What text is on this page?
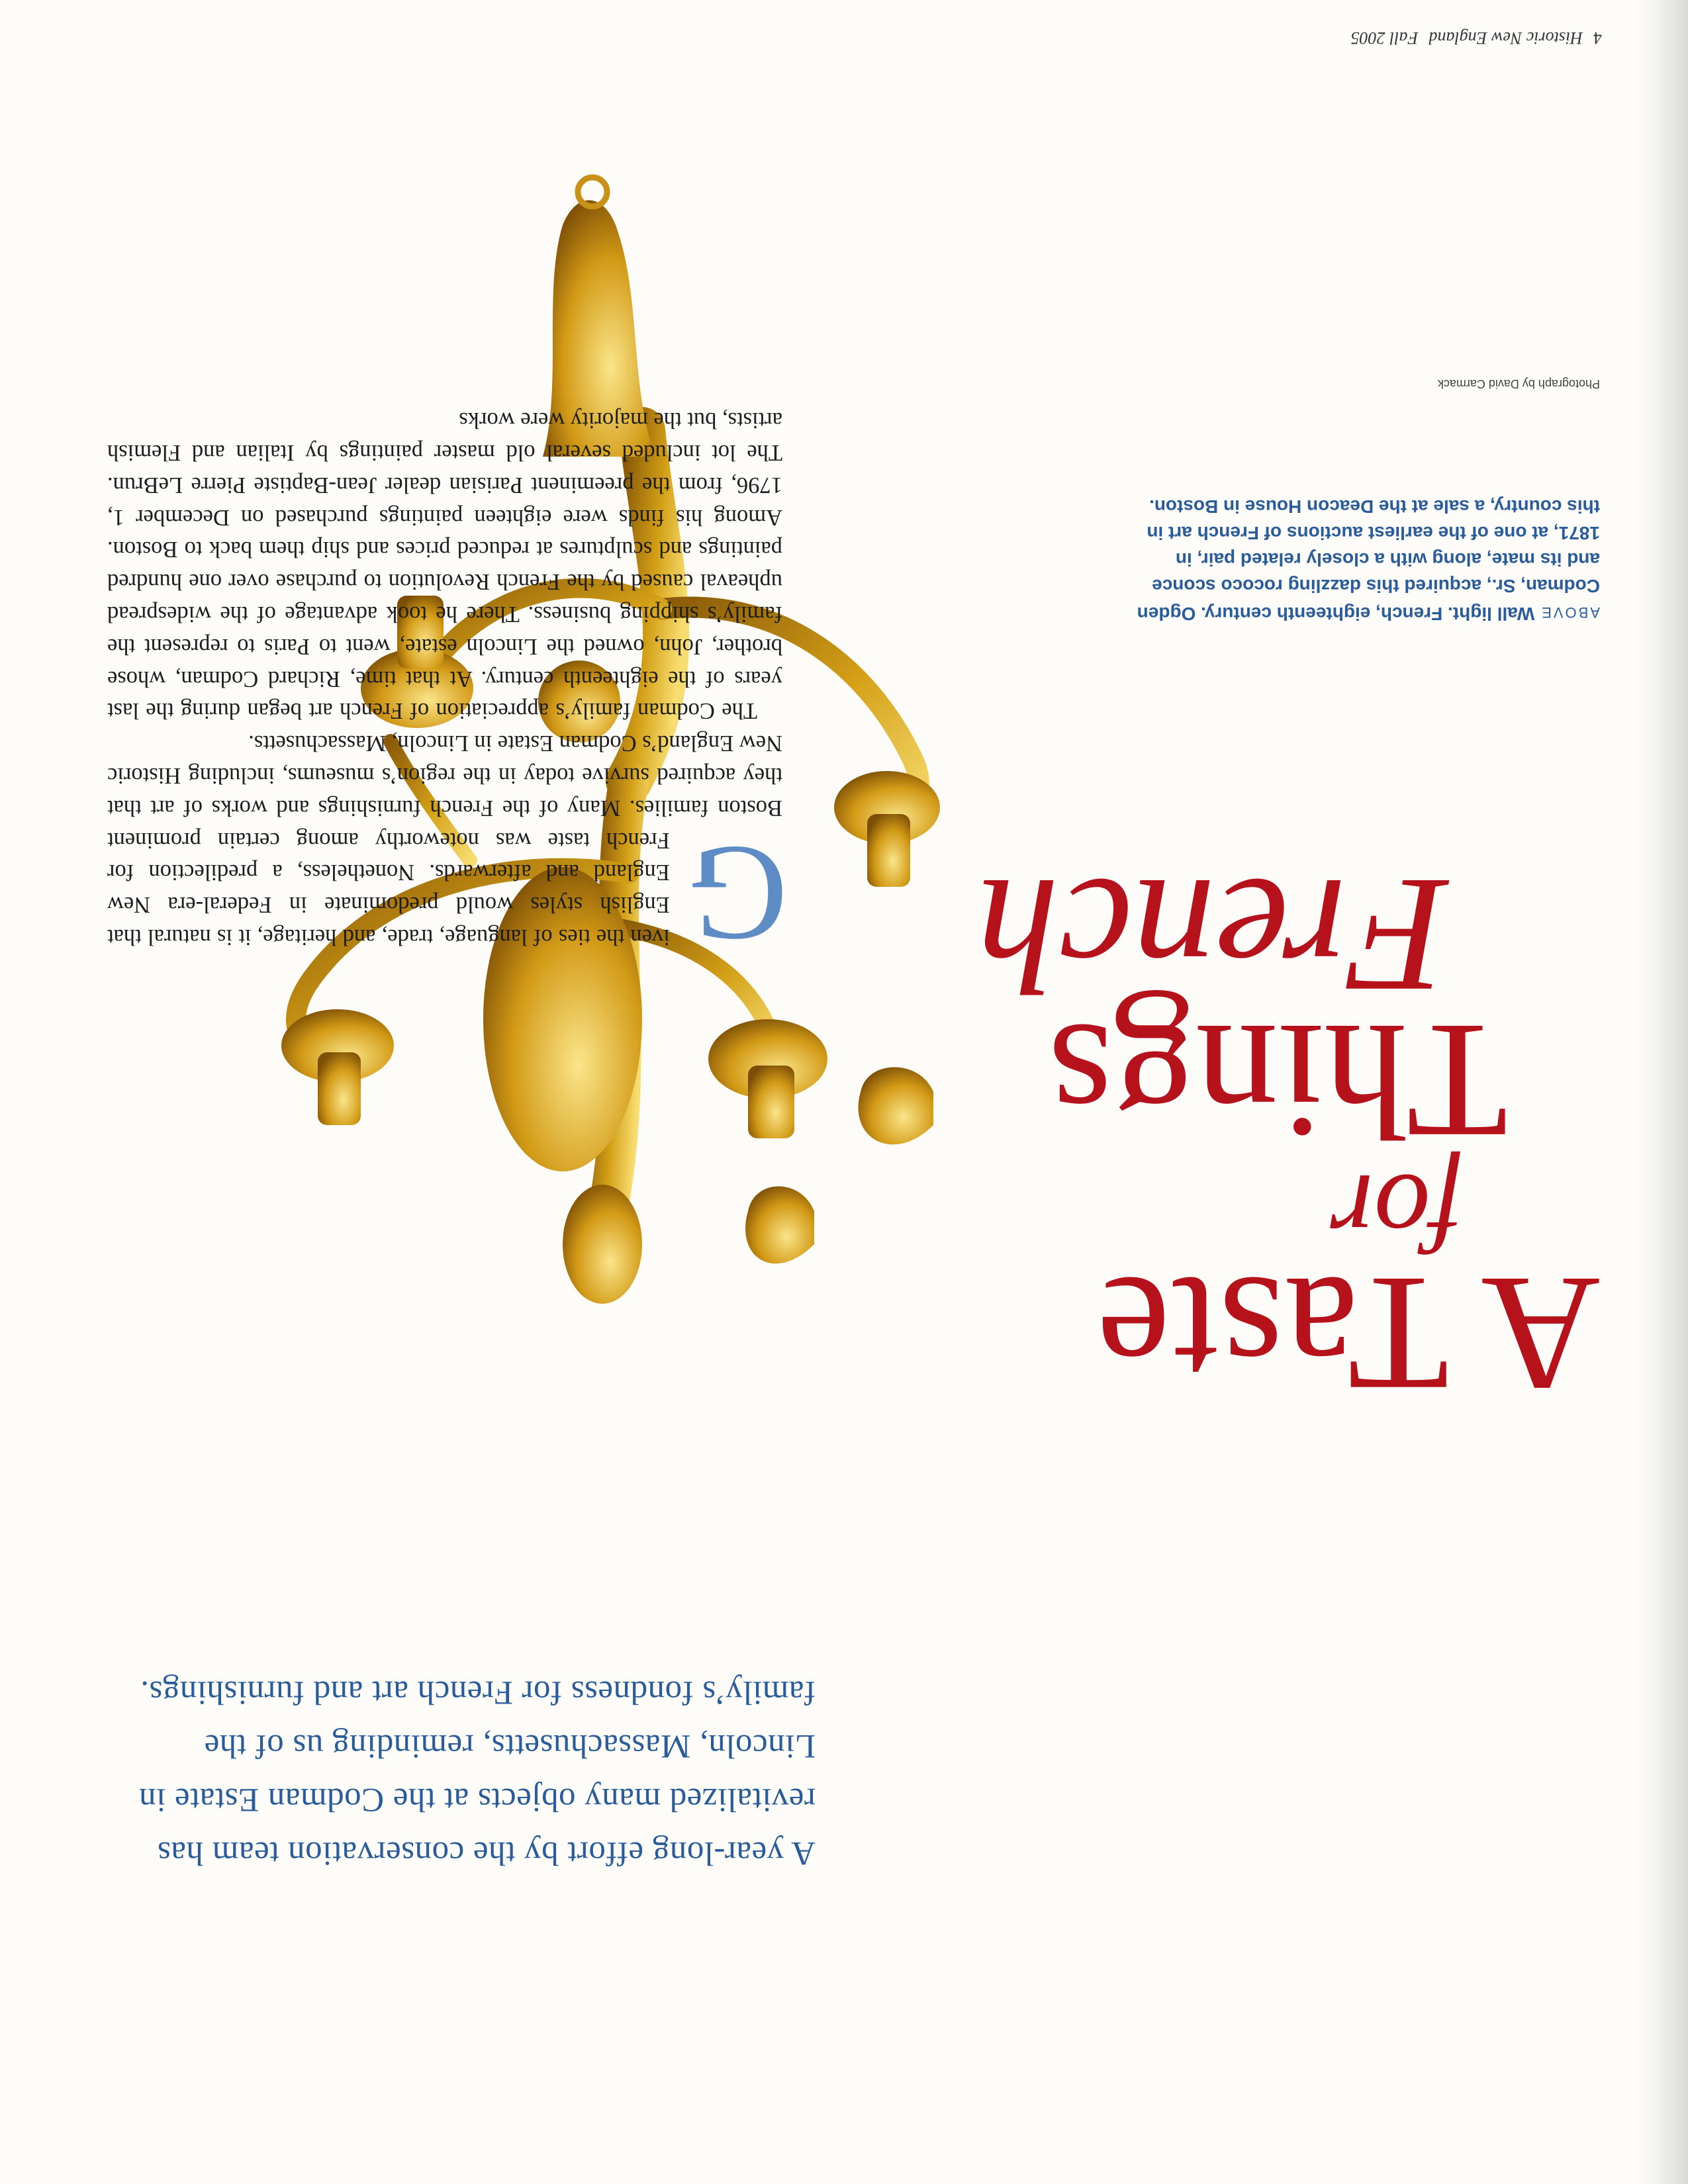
4
Historic New England
Fall 2005
A Taste
for
Things
French
A year-long effort by the conservation team has revitalized many objects at the Codman Estate in Lincoln, Massachusetts, reminding us of the family’s fondness for French art and furnishings.
ABOVEWall light. French, eighteenth century. Ogden Codman, Sr., acquired this dazzling rococo sconce and its mate, along with a closely related pair, in 1871, at one of the earliest auctions of French art in this country, a sale at the Deacon House in Boston.
Photograph by David Carmack

G
iven the ties of language, trade, and heritage, it is natural that English styles would predominate in Federal-era New England and afterwards. Nonetheless, a predilection for French taste was noteworthy among certain prominent Boston families. Many of the French furnishings and works of art that they acquired survive today in the region’s museums, including Historic New England’s Codman Estate in Lincoln, Massachusetts.

The Codman family’s appreciation of French art began during the last years of the eighteenth century. At that time, Richard Codman, whose brother, John, owned the Lincoln estate, went to Paris to represent the family’s shipping business. There he took advantage of the widespread upheaval caused by the French Revolution to purchase over one hundred paintings and sculptures at reduced prices and ship them back to Boston. Among his finds were eighteen paintings purchased on December 1, 1796, from the preeminent Parisian dealer Jean-Baptiste Pierre LeBrun. The lot included several old master paintings by Italian and Flemish artists, but the majority were works
